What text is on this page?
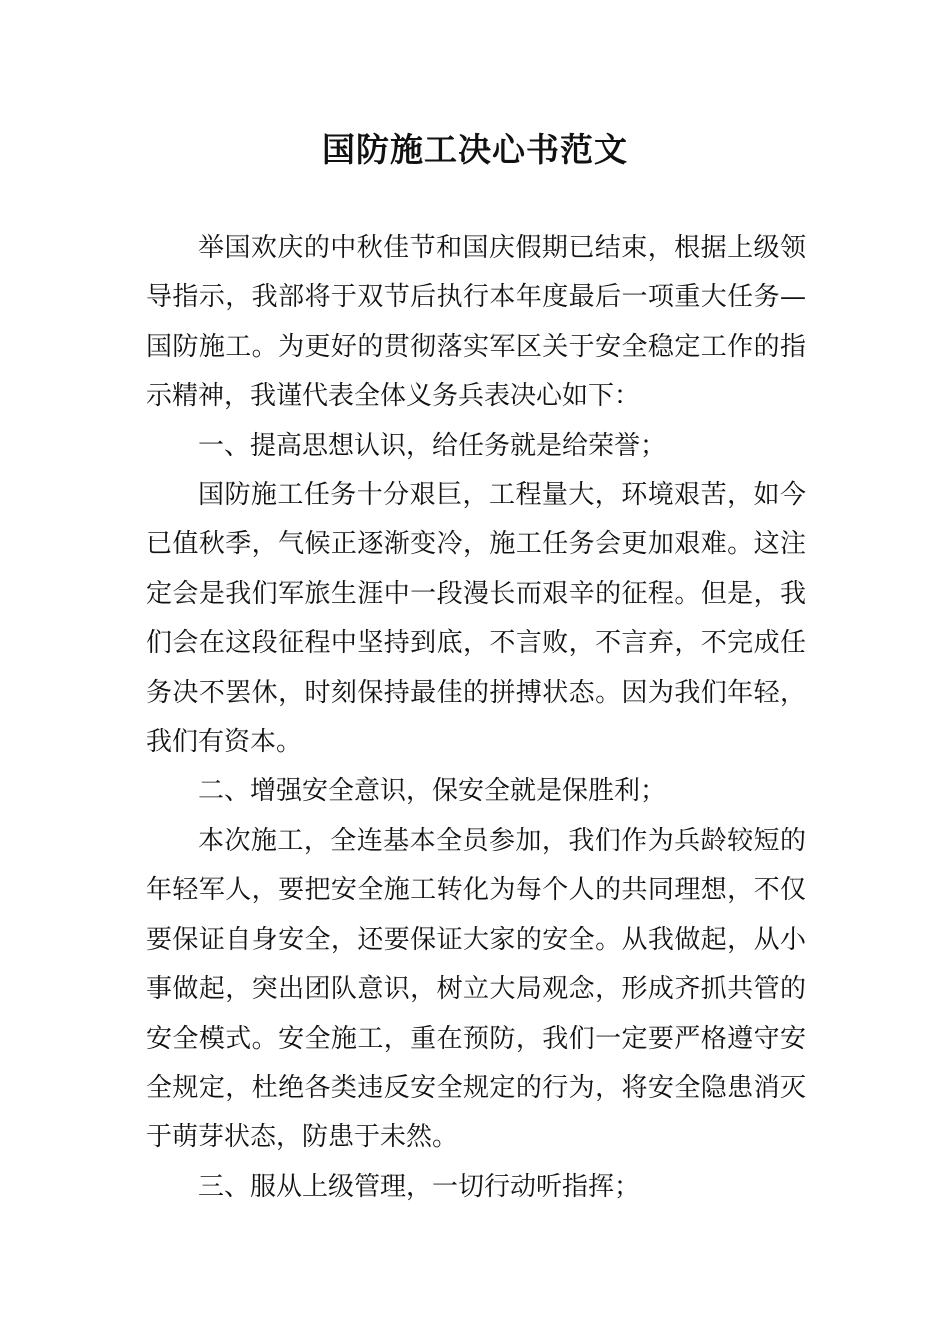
国防施工决心书范文

举国欢庆的中秋佳节和国庆假期已结束，根据上级领导指示，我部将于双节后执行本年度最后一项重大任务—国防施工。为更好的贯彻落实军区关于安全稳定工作的指示精神，我谨代表全体义务兵表决心如下：

一、提高思想认识，给任务就是给荣誉；

国防施工任务十分艰巨，工程量大，环境艰苦，如今已值秋季，气候正逐渐变冷，施工任务会更加艰难。这注定会是我们军旅生涯中一段漫长而艰辛的征程。但是，我们会在这段征程中坚持到底，不言败，不言弃，不完成任务决不罢休，时刻保持最佳的拼搏状态。因为我们年轻，我们有资本。

二、增强安全意识，保安全就是保胜利；

本次施工，全连基本全员参加，我们作为兵龄较短的年轻军人，要把安全施工转化为每个人的共同理想，不仅要保证自身安全，还要保证大家的安全。从我做起，从小事做起，突出团队意识，树立大局观念，形成齐抓共管的安全模式。安全施工，重在预防，我们一定要严格遵守安全规定，杜绝各类违反安全规定的行为，将安全隐患消灭于萌芽状态，防患于未然。

三、服从上级管理，一切行动听指挥；
